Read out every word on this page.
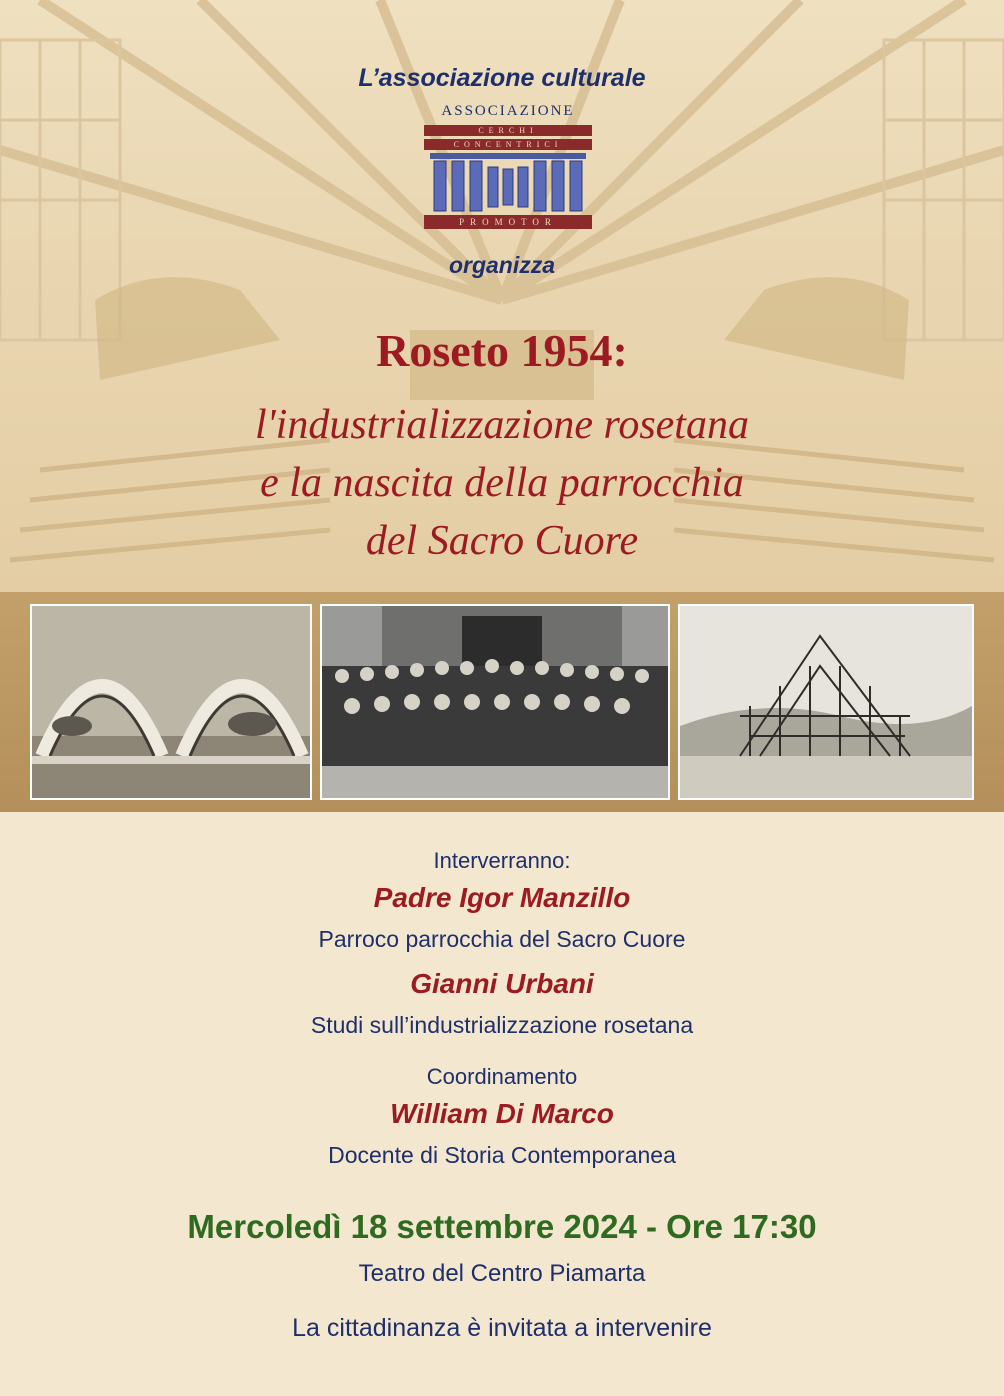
L’associazione culturale
ASSOCIAZIONE
CERCHI
CONCENTRICI
PROMOTOR
organizza
Roseto 1954:
l'industrializzazione rosetana
e la nascita della parrocchia
del Sacro Cuore
Interverranno:
Padre Igor Manzillo
Parroco parrocchia del Sacro Cuore
Gianni Urbani
Studi sull’industrializzazione rosetana
Coordinamento
William Di Marco
Docente di Storia Contemporanea
Mercoledì 18 settembre 2024 - Ore 17:30
Teatro del Centro Piamarta
La cittadinanza è invitata a intervenire
